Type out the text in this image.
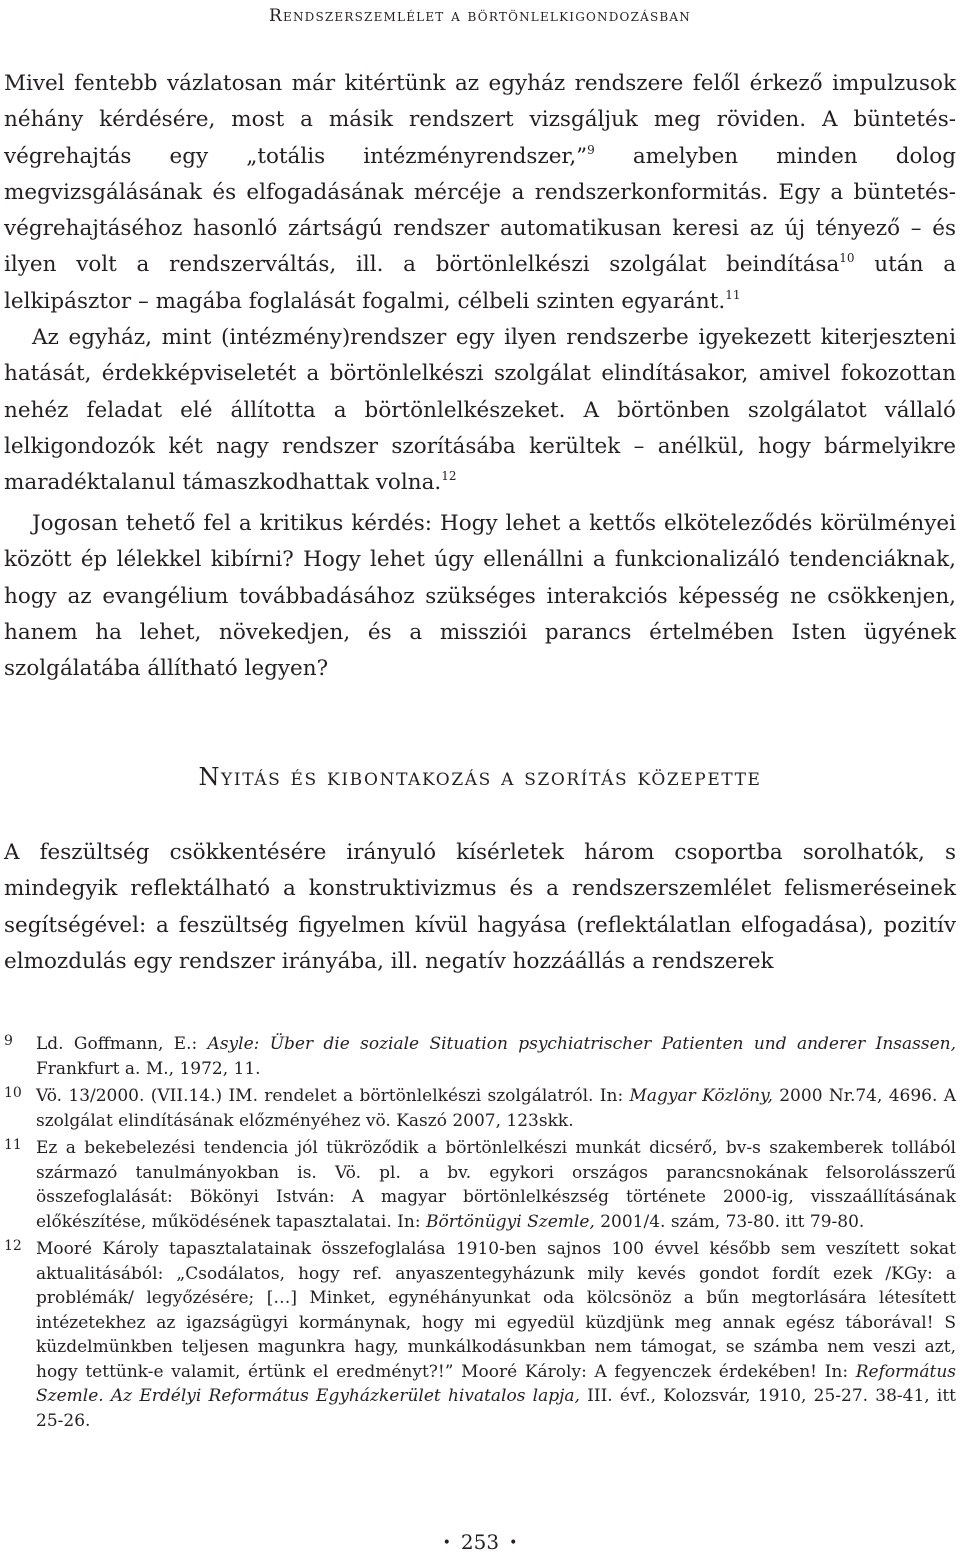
Rendszerszemlélet a börtönlelkigondozásban

Mivel fentebb vázlatosan már kitértünk az egyház rendszere felől érkező impulzusok néhány kérdésére, most a másik rendszert vizsgáljuk meg röviden. A büntetés-végrehajtás egy „totális intézményrendszer,”$^9$ amelyben minden dolog megvizsgálásának és elfogadásának mércéje a rendszerkonformitás. Egy a büntetés-végrehajtáséhoz hasonló zártságú rendszer automatikusan keresi az új tényező – és ilyen volt a rendszerváltás, ill. a börtönlelkészi szolgálat beindítása$^{10}$ után a lelkipásztor – magába foglalását fogalmi, célbeli szinten egyaránt.$^{11}$

Az egyház, mint (intézmény)rendszer egy ilyen rendszerbe igyekezett kiterjeszteni hatását, érdekképviseletét a börtönlelkészi szolgálat elindításakor, amivel fokozottan nehéz feladat elé állította a börtönlelkészeket. A börtönben szolgálatot vállaló lelkigondozók két nagy rendszer szorításába kerültek – anélkül, hogy bármelyikre maradéktalanul támaszkodhattak volna.$^{12}$

Jogosan tehető fel a kritikus kérdés: Hogy lehet a kettős elköteleződés körülményei között ép lélekkel kibírni? Hogy lehet úgy ellenállni a funkcionalizáló tendenciáknak, hogy az evangélium továbbadásához szükséges interakciós képesség ne csökkenjen, hanem ha lehet, növekedjen, és a missziói parancs értelmében Isten ügyének szolgálatába állítható legyen?

Nyitás és kibontakozás a szorítás közepette

A feszültség csökkentésére irányuló kísérletek három csoportba sorolhatók, s mindegyik reflektálható a konstruktivizmus és a rendszerszemlélet felismeréseinek segítségével: a feszültség figyelmen kívül hagyása (reflektálatlan elfogadása), pozitív elmozdulás egy rendszer irányába, ill. negatív hozzáállás a rendszerek

9 Ld. Goffmann, E.: Asyle: Über die soziale Situation psychiatrischer Patienten und anderer Insassen, Frankfurt a. M., 1972, 11.

10 Vö. 13/2000. (VII.14.) IM. rendelet a börtönlelkészi szolgálatról. In: Magyar Közlöny, 2000 Nr.74, 4696. A szolgálat elindításának előzményéhez vö. Kaszó 2007, 123skk.

11 Ez a bekebelezési tendencia jól tükröződik a börtönlelkészi munkát dicsérő, bv-s szakemberek tollából származó tanulmányokban is. Vö. pl. a bv. egykori országos parancsnokának felsorolásszerű összefoglalását: Bökönyi István: A magyar börtönlelkészség története 2000-ig, visszaállításának előkészítése, működésének tapasztalatai. In: Börtönügyi Szemle, 2001/4. szám, 73-80. itt 79-80.

12 Mooré Károly tapasztalatainak összefoglalása 1910-ben sajnos 100 évvel később sem veszített sokat aktualitásából: „Csodálatos, hogy ref. anyaszentegyházunk mily kevés gondot fordít ezek /KGy: a problémák/ legyőzésére; […] Minket, egynéhányunkat oda kölcsönöz a bűn megtorlására létesített intézetekhez az igazságügyi kormánynak, hogy mi egyedül küzdjünk meg annak egész táborával! S küzdelmünkben teljesen magunkra hagy, munkálkodásunkban nem támogat, se számba nem veszi azt, hogy tettünk-e valamit, értünk el eredményt?!” Mooré Károly: A fegyenczek érdekében! In: Református Szemle. Az Erdélyi Református Egyházkerület hivatalos lapja, III. évf., Kolozsvár, 1910, 25-27. 38-41, itt 25-26.

• 253 •
